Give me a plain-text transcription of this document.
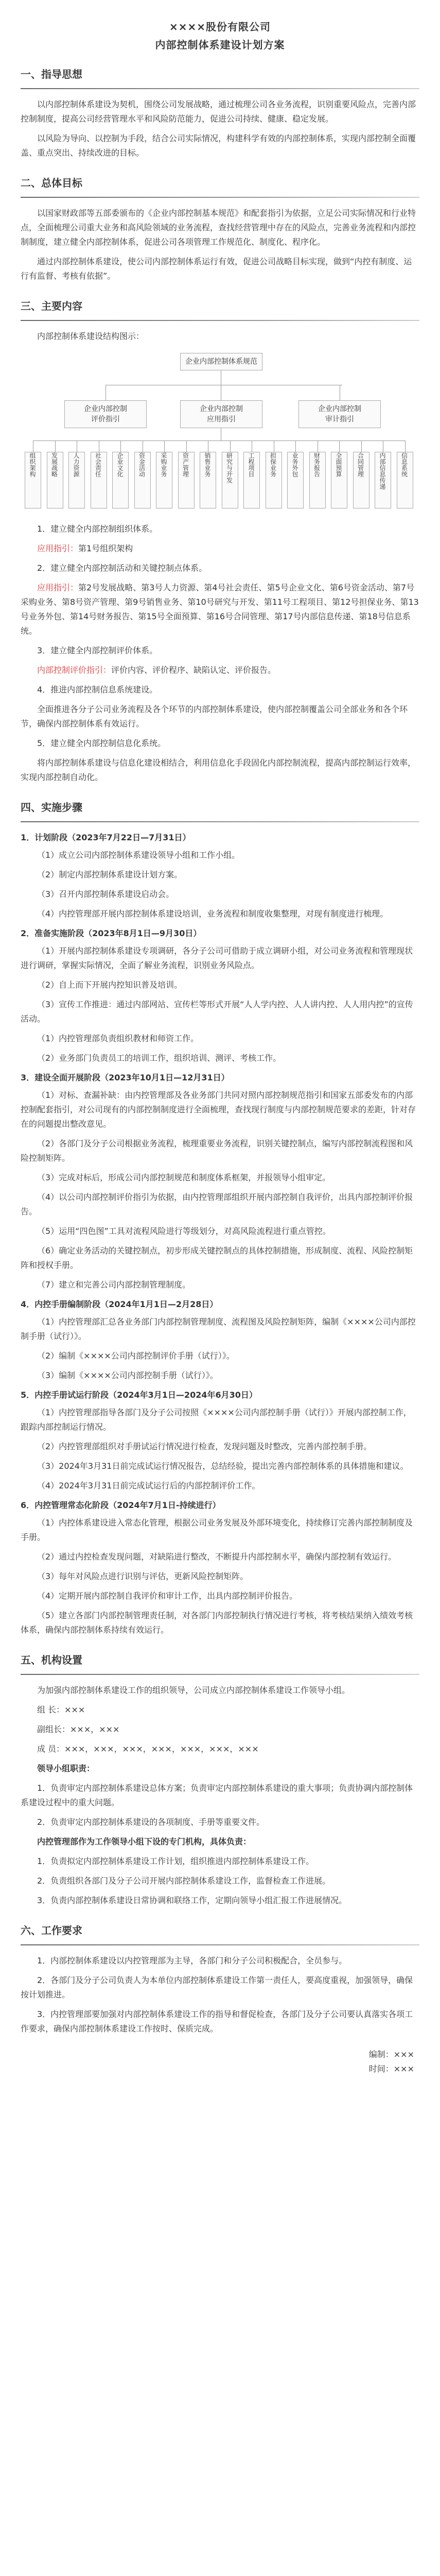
××××股份有限公司
内部控制体系建设计划方案
一、指导思想

以内部控制体系建设为契机，围绕公司发展战略，通过梳理公司各业务流程，识别重要风险点，完善内部控制制度，提高公司经营管理水平和风险防范能力，促进公司持续、健康、稳定发展。

以风险为导向、以控制为手段，结合公司实际情况，构建科学有效的内部控制体系，实现内部控制全面覆盖、重点突出、持续改进的目标。

二、总体目标

以国家财政部等五部委颁布的《企业内部控制基本规范》和配套指引为依据，立足公司实际情况和行业特点，全面梳理公司重大业务和高风险领域的业务流程，查找经营管理中存在的风险点，完善业务流程和内部控制制度，建立健全内部控制体系，促进公司各项管理工作规范化、制度化、程序化。

通过内部控制体系建设，使公司内部控制体系运行有效，促进公司战略目标实现，做到“内控有制度、运行有监督、考核有依据”。

三、主要内容

内部控制体系建设结构图示：

企业内部控制体系规范
企业内部控制
评价指引
企业内部控制
应用指引
企业内部控制
审计指引
组织架构	发展战略	人力资源	社会责任	企业文化	资金活动	采购业务	资产管理	销售业务	研究与开发	工程项目	担保业务	业务外包	财务报告	全面预算	合同管理	内部信息传递	信息系统

1．建立健全内部控制组织体系。

应用指引：第1号组织架构

2．建立健全内部控制活动和关键控制点体系。

应用指引：第2号发展战略、第3号人力资源、第4号社会责任、第5号企业文化、第6号资金活动、第7号采购业务、第8号资产管理、第9号销售业务、第10号研究与开发、第11号工程项目、第12号担保业务、第13号业务外包、第14号财务报告、第15号全面预算、第16号合同管理、第17号内部信息传递、第18号信息系统。

3．建立健全内部控制评价体系。

内部控制评价指引：评价内容、评价程序、缺陷认定、评价报告。

4．推进内部控制信息系统建设。

全面推进各分子公司业务流程及各个环节的内部控制体系建设，使内部控制覆盖公司全部业务和各个环节，确保内部控制体系有效运行。

5．建立健全内部控制信息化系统。

将内部控制体系建设与信息化建设相结合，利用信息化手段固化内部控制流程，提高内部控制运行效率，实现内部控制自动化。

四、实施步骤
1．计划阶段（2023年7月22日—7月31日）
（1）成立公司内部控制体系建设领导小组和工作小组。
（2）制定内部控制体系建设计划方案。
（3）召开内部控制体系建设启动会。
（4）内控管理部开展内部控制体系建设培训，业务流程和制度收集整理，对现有制度进行梳理。
2．准备实施阶段（2023年8月1日—9月30日）
（1）开展内部控制体系建设专项调研，各分子公司可借助于成立调研小组，对公司业务流程和管理现状进行调研，掌握实际情况，全面了解业务流程，识别业务风险点。
（2）自上而下开展内控知识普及培训。
（3）宣传工作推进：通过内部网站、宣传栏等形式开展“人人学内控、人人讲内控、人人用内控”的宣传活动。
（1）内控管理部负责组织教材和师资工作。
（2）业务部门负责员工的培训工作，组织培训、测评、考核工作。
3．建设全面开展阶段（2023年10月1日—12月31日）
（1）对标、查漏补缺：由内控管理部及各业务部门共同对照内部控制规范指引和国家五部委发布的内部控制配套指引，对公司现有的内部控制制度进行全面梳理，查找现行制度与内部控制规范要求的差距，针对存在的问题提出整改意见。
（2）各部门及分子公司根据业务流程，梳理重要业务流程，识别关键控制点，编写内部控制流程图和风险控制矩阵。
（3）完成对标后，形成公司内部控制规范和制度体系框架，并报领导小组审定。
（4）以公司内部控制评价指引为依据，由内控管理部组织开展内部控制自我评价，出具内部控制评价报告。
（5）运用“四色图”工具对流程风险进行等级划分，对高风险流程进行重点管控。
（6）确定业务活动的关键控制点，初步形成关键控制点的具体控制措施，形成制度、流程、风险控制矩阵和授权手册。
（7）建立和完善公司内部控制管理制度。
4．内控手册编制阶段（2024年1月1日—2月28日）
（1）内控管理部汇总各业务部门内部控制管理制度、流程图及风险控制矩阵，编制《××××公司内部控制手册（试行）》。
（2）编制《××××公司内部控制评价手册（试行）》。
（3）编制《××××公司内部控制手册（试行）》。
5．内控手册试运行阶段（2024年3月1日—2024年6月30日）
（1）内控管理部指导各部门及分子公司按照《××××公司内部控制手册（试行）》开展内部控制工作，跟踪内部控制运行情况。
（2）内控管理部组织对手册试运行情况进行检查，发现问题及时整改，完善内部控制手册。
（3）2024年3月31日前完成试运行情况报告，总结经验，提出完善内部控制体系的具体措施和建议。
（4）2024年3月31日前完成试运行后的内部控制评价工作。
6．内控管理常态化阶段（2024年7月1日-持续进行）
（1）内控体系建设进入常态化管理，根据公司业务发展及外部环境变化，持续修订完善内部控制制度及手册。
（2）通过内控检查发现问题，对缺陷进行整改，不断提升内部控制水平，确保内部控制有效运行。
（3）每年对风险点进行识别与评估，更新风险控制矩阵。
（4）定期开展内部控制自我评价和审计工作，出具内部控制评价报告。
（5）建立各部门内部控制管理责任制，对各部门内部控制执行情况进行考核，将考核结果纳入绩效考核体系，确保内部控制体系持续有效运行。
五、机构设置

为加强内部控制体系建设工作的组织领导，公司成立内部控制体系建设工作领导小组。

组 长：×××

副组长：×××，×××

成 员：×××，×××，×××，×××，×××，×××，×××

领导小组职责：

1．负责审定内部控制体系建设总体方案；负责审定内部控制体系建设的重大事项；负责协调内部控制体系建设过程中的重大问题。

2．负责审定内部控制体系建设的各项制度、手册等重要文件。

内控管理部作为工作领导小组下设的专门机构，具体负责：

1．负责拟定内部控制体系建设工作计划，组织推进内部控制体系建设工作。

2．负责组织各部门及分子公司开展内部控制体系建设工作，监督检查工作进展。

3．负责内部控制体系建设日常协调和联络工作，定期向领导小组汇报工作进展情况。

六、工作要求

1．内部控制体系建设以内控管理部为主导，各部门和分子公司积极配合，全员参与。

2．各部门及分子公司负责人为本单位内部控制体系建设工作第一责任人，要高度重视，加强领导，确保按计划推进。

3．内控管理部要加强对内部控制体系建设工作的指导和督促检查，各部门及分子公司要认真落实各项工作要求，确保内部控制体系建设工作按时、保质完成。

编制：×××
时间：×××
